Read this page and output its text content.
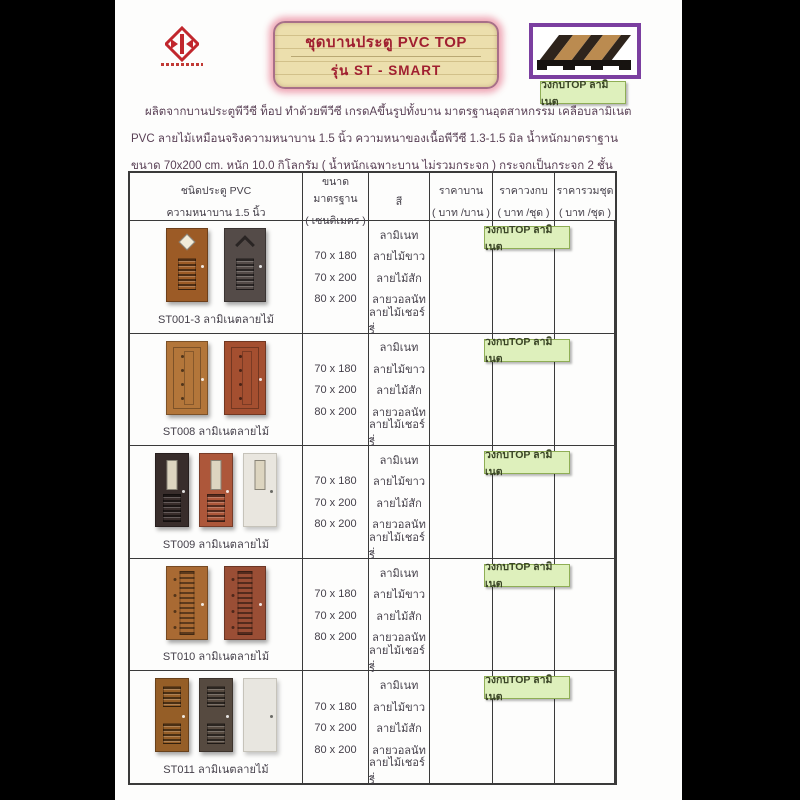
ชุดบานประตู PVC TOP
รุ่น ST - SMART
วงกบTOP ลามิเนต
ผลิตจากบานประตูพีวีซี ท็อป ทำด้วยพีวีซี เกรดAขึ้นรูปทั้งบาน มาตรฐานอุตสาหกรรม เคลือบลามิเนต
PVC ลายไม้เหมือนจริงความหนาบาน 1.5 นิ้ว ความหนาของเนื้อพีวีซี 1.3-1.5 มิล น้ำหนักมาตราฐาน
ขนาด 70x200 cm. หนัก 10.0 กิโลกรัม ( น้ำหนักเฉพาะบาน ไม่รวมกระจก ) กระจกเป็นกระจก 2 ชั้น
ชนิดประตู PVC
ความหนาบาน 1.5 นิ้ว
ขนาดมาตรฐาน
( เซนติเมตร )
สี
ราคาบาน
( บาท /บาน )
ราคาวงกบ
( บาท /ชุด )
ราคารวมชุด
( บาท /ชุด )
ST001-3 ลามิเนตลายไม้
70 x 180
70 x 200
80 x 200
ลามิเนท
ลายไม้ขาว
ลายไม้สัก
ลายวอลนัท
ลายไม้เชอร์รี่
วงกบTOP ลามิเนต
ST008 ลามิเนตลายไม้
70 x 180
70 x 200
80 x 200
ลามิเนท
ลายไม้ขาว
ลายไม้สัก
ลายวอลนัท
ลายไม้เชอร์รี่
วงกบTOP ลามิเนต
ST009 ลามิเนตลายไม้
70 x 180
70 x 200
80 x 200
ลามิเนท
ลายไม้ขาว
ลายไม้สัก
ลายวอลนัท
ลายไม้เชอร์รี่
วงกบTOP ลามิเนต
ST010 ลามิเนตลายไม้
70 x 180
70 x 200
80 x 200
ลามิเนท
ลายไม้ขาว
ลายไม้สัก
ลายวอลนัท
ลายไม้เชอร์รี่
วงกบTOP ลามิเนต
ST011 ลามิเนตลายไม้
70 x 180
70 x 200
80 x 200
ลามิเนท
ลายไม้ขาว
ลายไม้สัก
ลายวอลนัท
ลายไม้เชอร์รี่
วงกบTOP ลามิเนต
